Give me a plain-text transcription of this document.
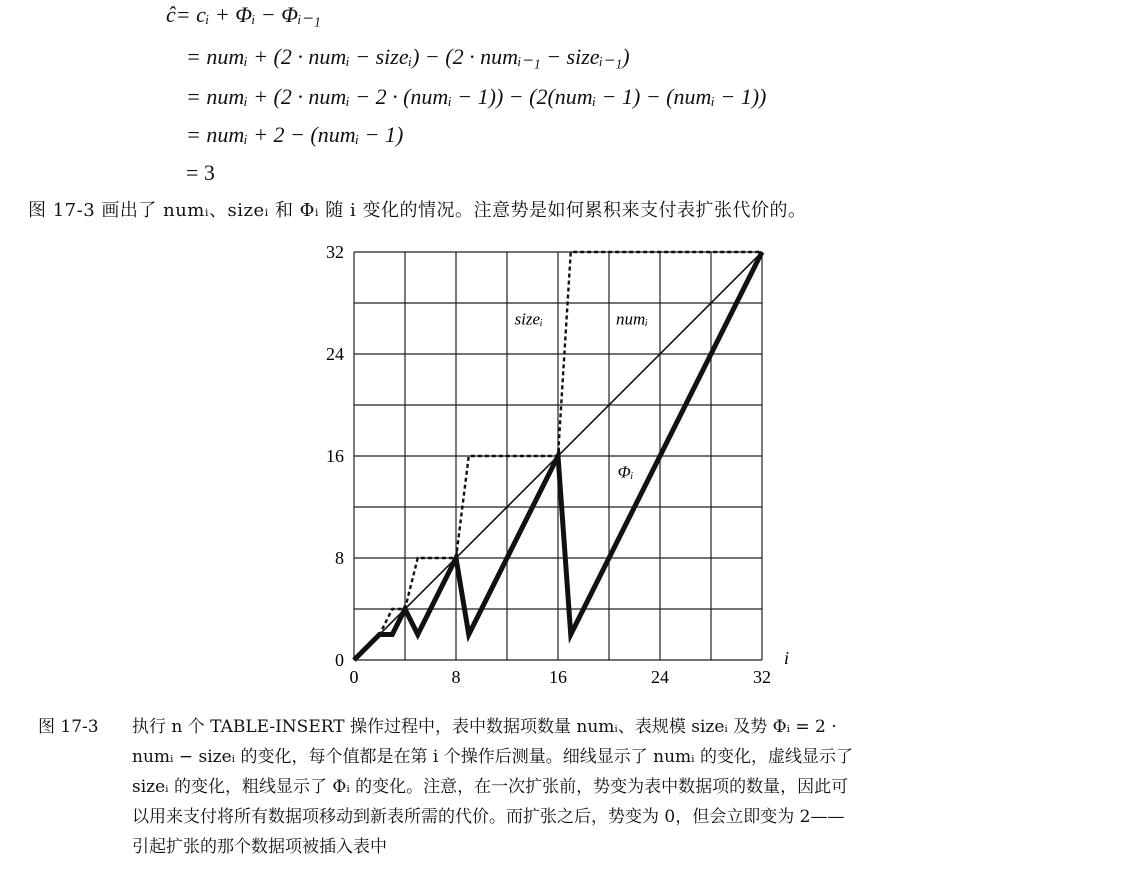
ĉ= cᵢ + Φᵢ − Φᵢ₋₁
= numᵢ + (2 · numᵢ − sizeᵢ) − (2 · numᵢ₋₁ − sizeᵢ₋₁)
= numᵢ + (2 · numᵢ − 2 · (numᵢ − 1)) − (2(numᵢ − 1) − (numᵢ − 1))
= numᵢ + 2 − (numᵢ − 1)
= 3
图 17-3 画出了 numᵢ、sizeᵢ 和 Φᵢ 随 i 变化的情况。注意势是如何累积来支付表扩张代价的。
0	8	16	24	32
0
8
16
24
32
i
sizeᵢ	numᵢ
Φᵢ
图 17-3 执行 n 个 TABLE-INSERT 操作过程中，表中数据项数量 numᵢ、表规模 sizeᵢ 及势 Φᵢ = 2 ·
numᵢ − sizeᵢ 的变化，每个值都是在第 i 个操作后测量。细线显示了 numᵢ 的变化，虚线显示了
sizeᵢ 的变化，粗线显示了 Φᵢ 的变化。注意，在一次扩张前，势变为表中数据项的数量，因此可
以用来支付将所有数据项移动到新表所需的代价。而扩张之后，势变为 0，但会立即变为 2——
引起扩张的那个数据项被插入表中
